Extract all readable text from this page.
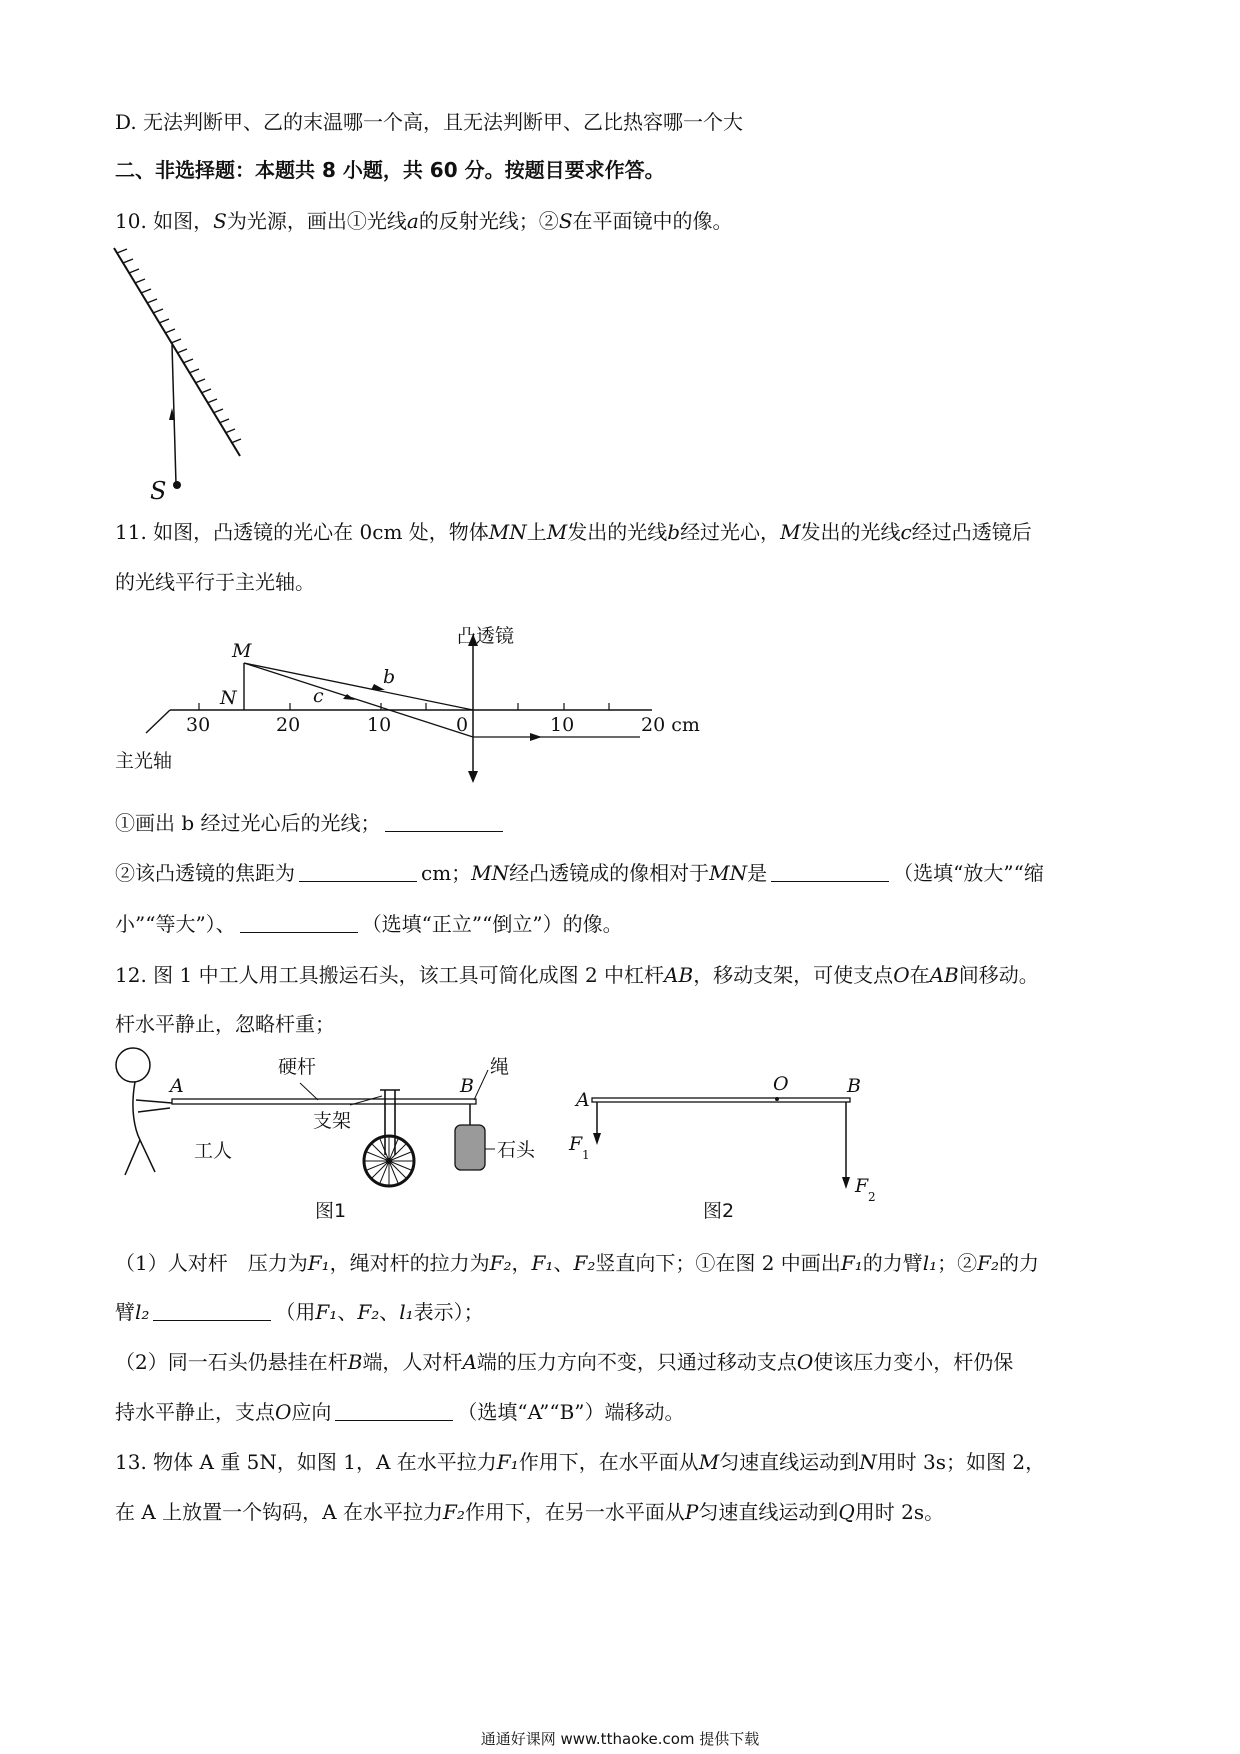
D. 无法判断甲、乙的末温哪一个高，且无法判断甲、乙比热容哪一个大
二、非选择题：本题共 8 小题，共 60 分。按题目要求作答。
10. 如图，S为光源，画出①光线a的反射光线；②S在平面镜中的像。
S
11. 如图，凸透镜的光心在 0cm 处，物体MN上M发出的光线b经过光心，M发出的光线c经过凸透镜后
的光线平行于主光轴。
凸透镜
主光轴
M
N
b
c
30	20	10	0	10	20 cm
①画出 b 经过光心后的光线；
②该凸透镜的焦距为	cm；MN经凸透镜成的像相对于MN是	（选填“放大”“缩
小”“等大”）、	（选填“正立”“倒立”）的像。
12. 图 1 中工人用工具搬运石头，该工具可简化成图 2 中杠杆AB，移动支架，可使支点O在AB间移动。
杆水平静止，忽略杆重；
A	B
硬杆	绳
支架
工人	石头
图1
A
O	B
F 1
F 2
图2
（1）人对杆　压力为F₁，绳对杆的拉力为F₂，F₁、F₂竖直向下；①在图 2 中画出F₁的力臂l₁；②F₂的力
臂l₂	（用F₁、F₂、l₁表示）；
（2）同一石头仍悬挂在杆B端，人对杆A端的压力方向不变，只通过移动支点O使该压力变小，杆仍保
持水平静止，支点O应向	（选填“A”“B”）端移动。
13. 物体 A 重 5N，如图 1，A 在水平拉力F₁作用下，在水平面从M匀速直线运动到N用时 3s；如图 2，
在 A 上放置一个钩码，A 在水平拉力F₂作用下，在另一水平面从P匀速直线运动到Q用时 2s。
通通好课网 www.tthaoke.com 提供下载
